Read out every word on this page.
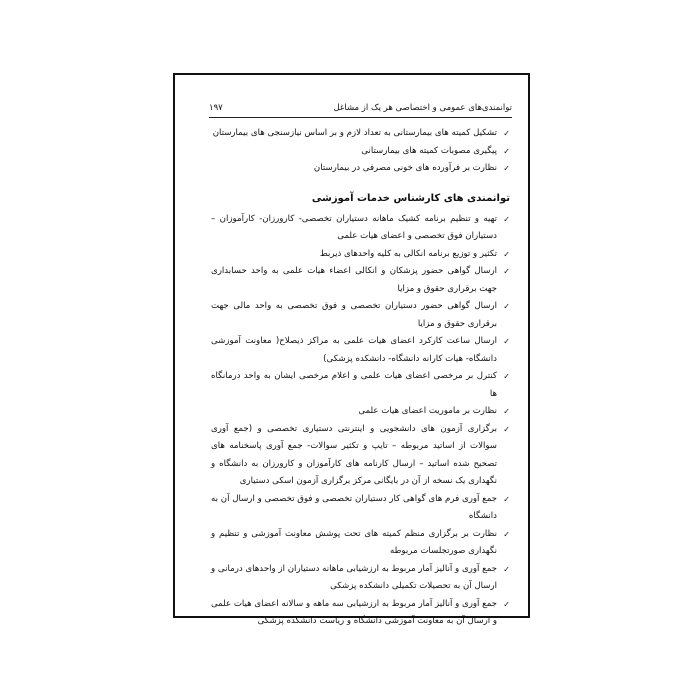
توانمندی‌های عمومی و اختصاصی هر یک از مشاغل
۱۹۷

✓
تشکیل کمیته های بیمارستانی به تعداد لازم و بر اساس نیازسنجی های بیمارستان

✓
پیگیری مصوبات کمیته های بیمارستانی

✓
نظارت بر فرآورده های خونی مصرفی در بیمارستان

توانمندی های کارشناس خدمات آموزشی

✓
تهیه و تنظیم برنامه کشیک ماهانه دستیاران تخصصی- کارورزان- کارآموزان – دستیاران فوق تخصصی و اعضای هیات علمی

✓
تکثیر و توزیع برنامه انکالی به کلیه واحدهای ذیربط

✓
ارسال گواهی حضور پزشکان و انکالی اعضاء هیات علمی به واحد حسابداری جهت برقراری حقوق و مزایا

✓
ارسال گواهی حضور دستیاران تخصصی و فوق تخصصی به واحد مالی جهت برقراری حقوق و مزایا

✓
ارسال ساعت کارکرد اعضای هیات علمی به مراکز ذیصلاح( معاونت آموزشی دانشگاه- هیات کارانه دانشگاه- دانشکده پزشکی)

✓
کنترل بر مرخصی اعضای هیات علمی و اعلام مرخصی ایشان به واحد درمانگاه ها

✓
نظارت بر ماموریت اعضای هیات علمی

✓
برگزاری آزمون های دانشجویی و اینترنتی دستیاری تخصصی و (جمع آوری سوالات از اساتید مربوطه – تایپ و تکثیر سوالات- جمع آوری پاسخنامه های تصحیح شده اساتید – ارسال کارنامه های کارآموزان و کارورزان به دانشگاه و نگهداری یک نسخه از آن در بایگانی مرکز برگزاری آزمون اسکی دستیاری

✓
جمع آوری فرم های گواهی کار دستیاران تخصصی و فوق تخصصی و ارسال آن به دانشگاه

✓
نظارت بر برگزاری منظم کمیته های تحت پوشش معاونت آموزشی و تنظیم و نگهداری صورتجلسات مربوطه

✓
جمع آوری و آنالیز آمار مربوط به ارزشیابی ماهانه دستیاران از واحدهای درمانی و ارسال آن به تحصیلات تکمیلی دانشکده پزشکی

✓
جمع آوری و آنالیز آمار مربوط به ارزشیابی سه ماهه و سالانه اعضای هیات علمی و ارسال آن به معاونت آموزشی دانشگاه و ریاست دانشکده پزشکی
